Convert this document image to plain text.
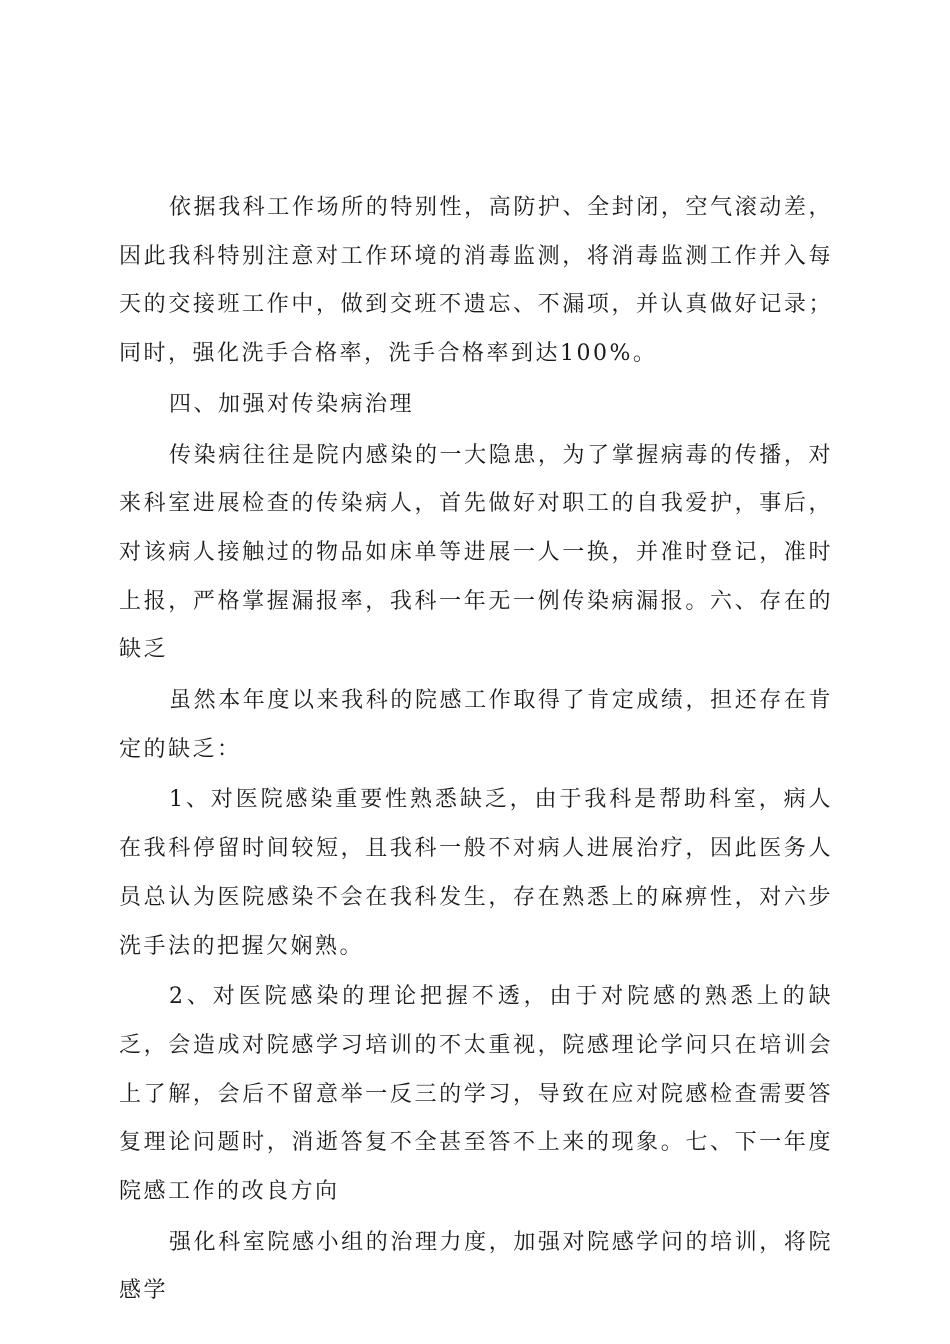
依据我科工作场所的特别性，高防护、全封闭，空气滚动差，因此我科特别注意对工作环境的消毒监测，将消毒监测工作并入每天的交接班工作中，做到交班不遗忘、不漏项，并认真做好记录；同时，强化洗手合格率，洗手合格率到达100%。

四、加强对传染病治理

传染病往往是院内感染的一大隐患，为了掌握病毒的传播，对来科室进展检查的传染病人，首先做好对职工的自我爱护，事后，对该病人接触过的物品如床单等进展一人一换，并准时登记，准时上报，严格掌握漏报率，我科一年无一例传染病漏报。六、存在的缺乏

虽然本年度以来我科的院感工作取得了肯定成绩，担还存在肯定的缺乏：

1、对医院感染重要性熟悉缺乏，由于我科是帮助科室，病人在我科停留时间较短，且我科一般不对病人进展治疗，因此医务人员总认为医院感染不会在我科发生，存在熟悉上的麻痹性，对六步洗手法的把握欠娴熟。

2、对医院感染的理论把握不透，由于对院感的熟悉上的缺乏，会造成对院感学习培训的不太重视，院感理论学问只在培训会上了解，会后不留意举一反三的学习，导致在应对院感检查需要答复理论问题时，消逝答复不全甚至答不上来的现象。七、下一年度院感工作的改良方向

强化科室院感小组的治理力度，加强对院感学问的培训，将院感学
